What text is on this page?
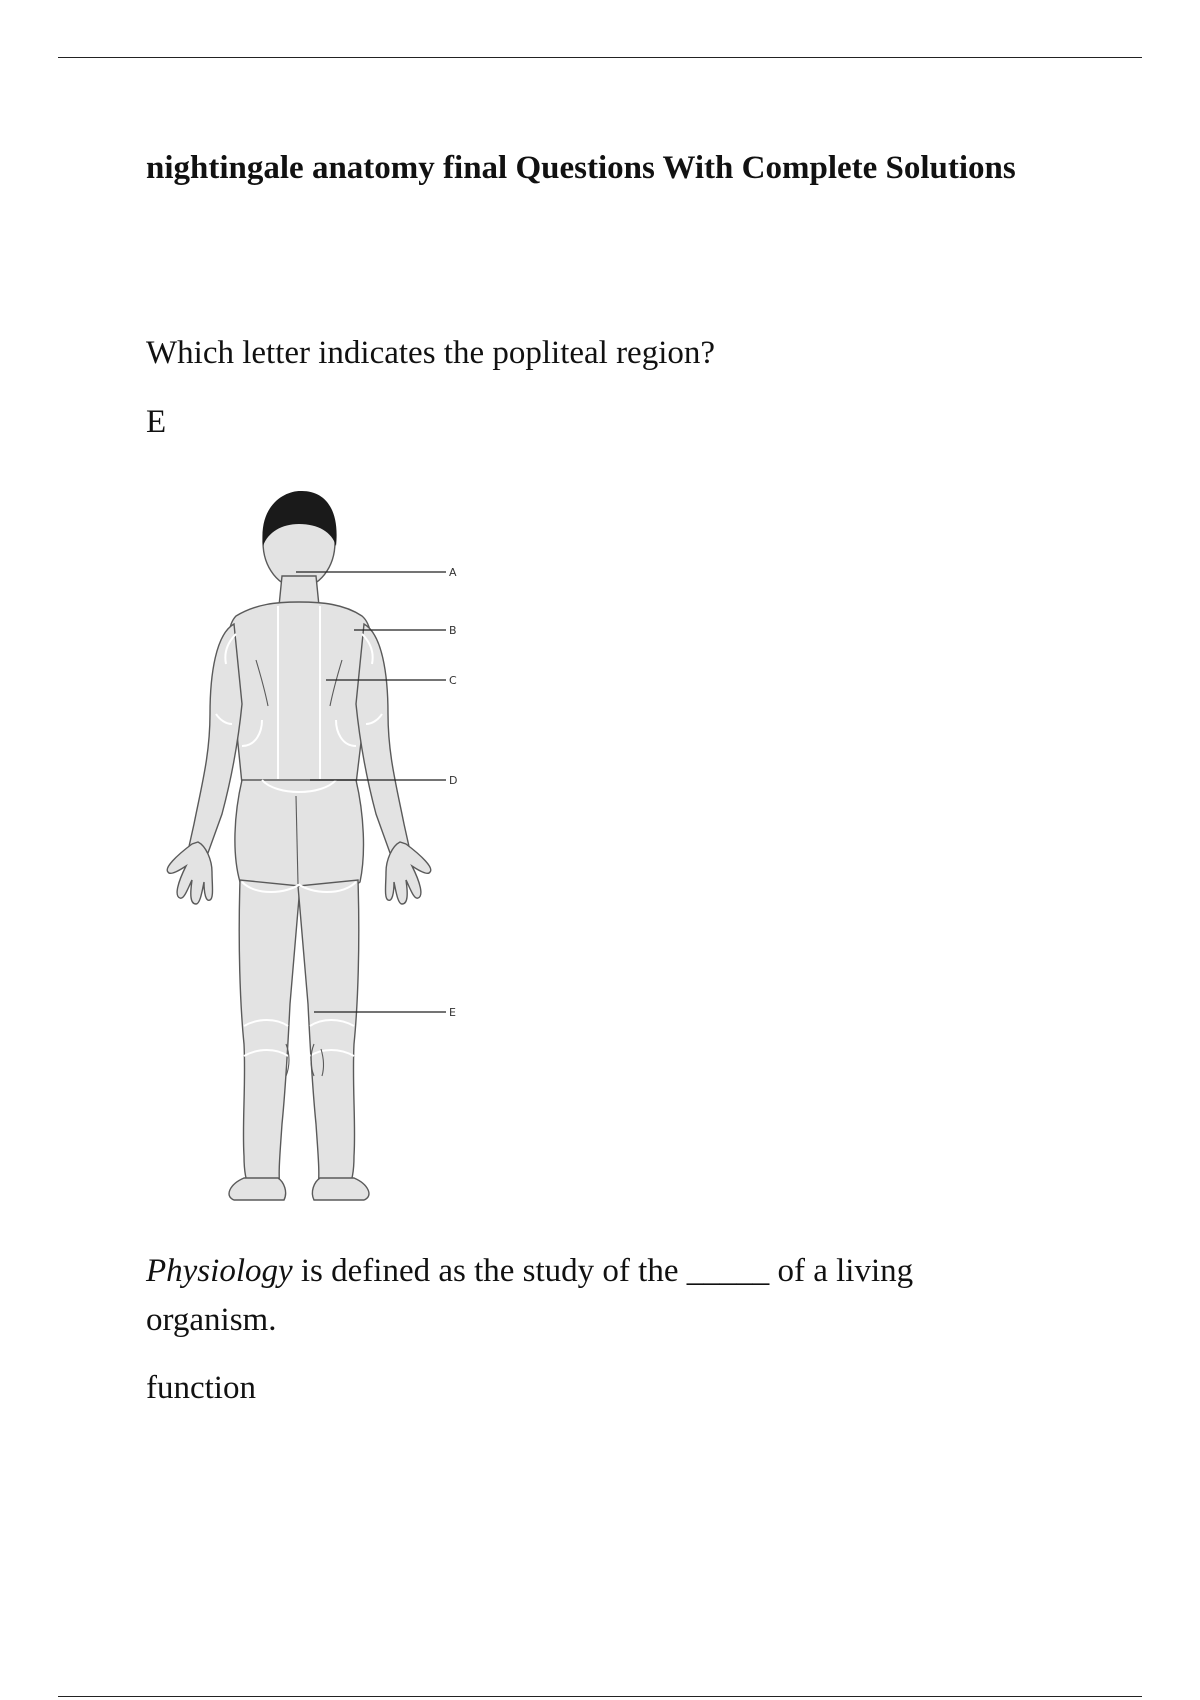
nightingale anatomy final Questions With Complete Solutions

Which letter indicates the popliteal region?

E

Physiology is defined as the study of the _____ of a living organism.

function

A
B
C
D
E
